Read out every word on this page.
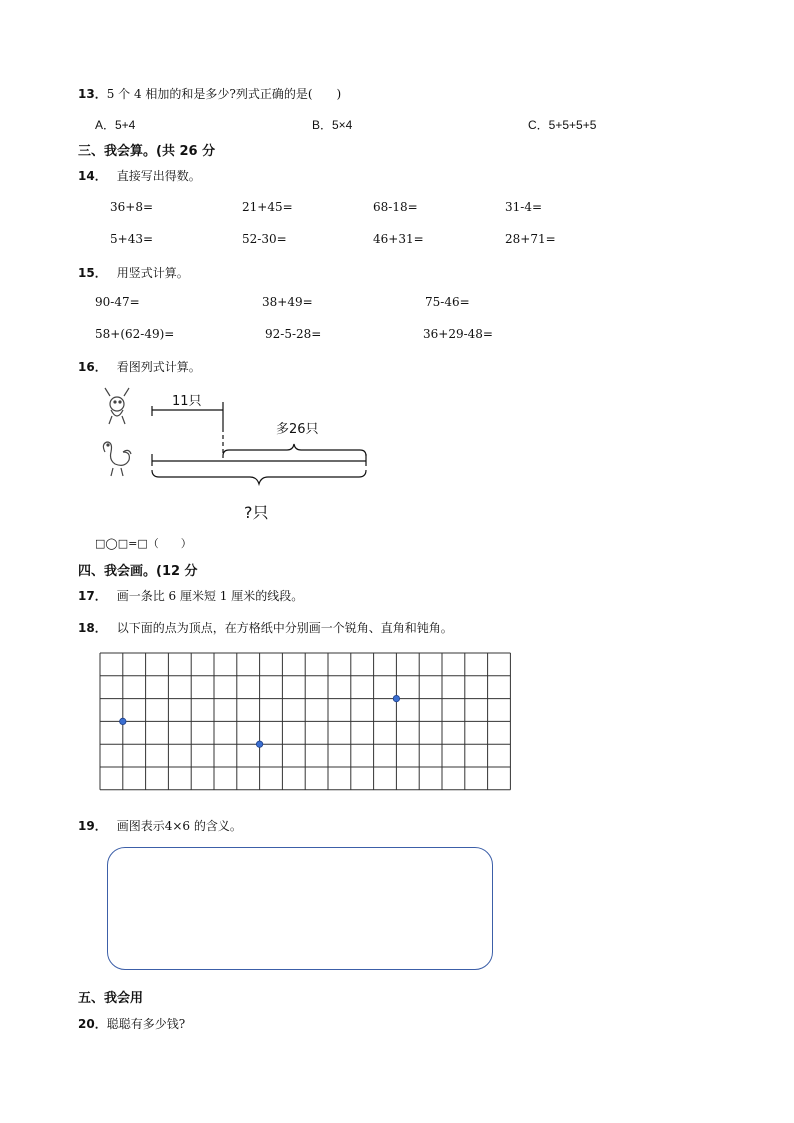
13．5 个 4 相加的和是多少?列式正确的是(　　)
A．5+4	B．5×4	C．5+5+5+5
三、我会算。(共 26 分
14． 直接写出得数。
36+8=	21+45=	68-18=	31-4=
5+43=	52-30=	46+31=	28+71=
15． 用竖式计算。
90-47=	38+49=	75-46=
58+(62-49)=	92-5-28=	36+29-48=
16． 看图列式计算。
11只
多26只
?只
□◯□=□（　　）
四、我会画。(12 分
17． 画一条比 6 厘米短 1 厘米的线段。
18． 以下面的点为顶点，在方格纸中分别画一个锐角、直角和钝角。
19． 画图表示4×6 的含义。
五、我会用
20．聪聪有多少钱?
